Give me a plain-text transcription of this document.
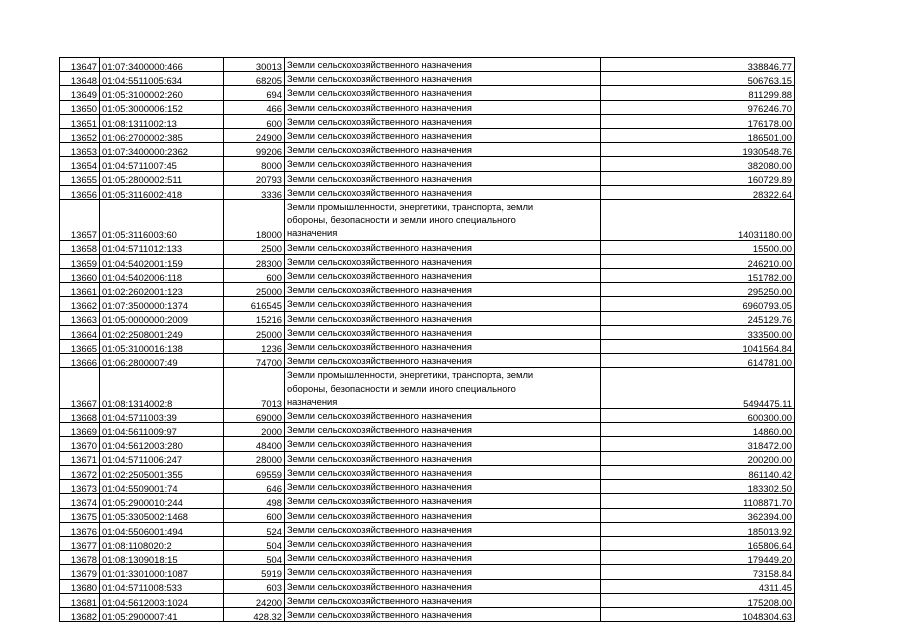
13647	01:07:3400000:466	30013	Земли сельскохозяйственного назначения	338846.77
13648	01:04:5511005:634	68205	Земли сельскохозяйственного назначения	506763.15
13649	01:05:3100002:260	694	Земли сельскохозяйственного назначения	811299.88
13650	01:05:3000006:152	466	Земли сельскохозяйственного назначения	976246.70
13651	01:08:1311002:13	600	Земли сельскохозяйственного назначения	176178.00
13652	01:06:2700002:385	24900	Земли сельскохозяйственного назначения	186501.00
13653	01:07:3400000:2362	99206	Земли сельскохозяйственного назначения	1930548.76
13654	01:04:5711007:45	8000	Земли сельскохозяйственного назначения	382080.00
13655	01:05:2800002:511	20793	Земли сельскохозяйственного назначения	160729.89
13656	01:05:3116002:418	3336	Земли сельскохозяйственного назначения	28322.64
13657	01:05:3116003:60	18000	Земли промышленности, энергетики, транспорта, земли
обороны, безопасности и земли иного специального
назначения	14031180.00
13658	01:04:5711012:133	2500	Земли сельскохозяйственного назначения	15500.00
13659	01:04:5402001:159	28300	Земли сельскохозяйственного назначения	246210.00
13660	01:04:5402006:118	600	Земли сельскохозяйственного назначения	151782.00
13661	01:02:2602001:123	25000	Земли сельскохозяйственного назначения	295250.00
13662	01:07:3500000:1374	616545	Земли сельскохозяйственного назначения	6960793.05
13663	01:05:0000000:2009	15216	Земли сельскохозяйственного назначения	245129.76
13664	01:02:2508001:249	25000	Земли сельскохозяйственного назначения	333500.00
13665	01:05:3100016:138	1236	Земли сельскохозяйственного назначения	1041564.84
13666	01:06:2800007:49	74700	Земли сельскохозяйственного назначения	614781.00
13667	01:08:1314002:8	7013	Земли промышленности, энергетики, транспорта, земли
обороны, безопасности и земли иного специального
назначения	5494475.11
13668	01:04:5711003:39	69000	Земли сельскохозяйственного назначения	600300.00
13669	01:04:5611009:97	2000	Земли сельскохозяйственного назначения	14860.00
13670	01:04:5612003:280	48400	Земли сельскохозяйственного назначения	318472.00
13671	01:04:5711006:247	28000	Земли сельскохозяйственного назначения	200200.00
13672	01:02:2505001:355	69559	Земли сельскохозяйственного назначения	861140.42
13673	01:04:5509001:74	646	Земли сельскохозяйственного назначения	183302.50
13674	01:05:2900010:244	498	Земли сельскохозяйственного назначения	1108871.70
13675	01:05:3305002:1468	600	Земли сельскохозяйственного назначения	362394.00
13676	01:04:5506001:494	524	Земли сельскохозяйственного назначения	185013.92
13677	01:08:1108020:2	504	Земли сельскохозяйственного назначения	165806.64
13678	01:08:1309018:15	504	Земли сельскохозяйственного назначения	179449.20
13679	01:01:3301000:1087	5919	Земли сельскохозяйственного назначения	73158.84
13680	01:04:5711008:533	603	Земли сельскохозяйственного назначения	4311.45
13681	01:04:5612003:1024	24200	Земли сельскохозяйственного назначения	175208.00
13682	01:05:2900007:41	428.32	Земли сельскохозяйственного назначения	1048304.63
